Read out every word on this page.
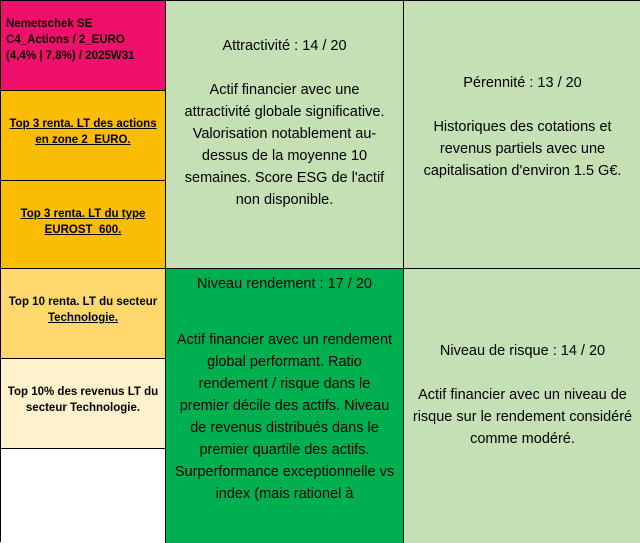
Nemetschek SE
C4_Actions / 2_EURO
(4,4% | 7,8%) / 2025W31
Top 3 renta. LT des actions
en zone 2_EURO.
Top 3 renta. LT du type
EUROST_600.
Top 10 renta. LT du secteur
Technologie.
Top 10% des revenus LT du
secteur Technologie.
Attractivité : 14 / 20
Actif financier avec une attractivité globale significative. Valorisation notablement au-dessus de la moyenne 10 semaines. Score ESG de l'actif non disponible.
Niveau rendement : 17 / 20
Actif financier avec un rendement global performant. Ratio rendement / risque dans le premier décile des actifs. Niveau de revenus distribués dans le premier quartile des actifs. Surperformance exceptionnelle vs index (mais rationel à
Pérennité : 13 / 20
Historiques des cotations et revenus partiels avec une capitalisation d'environ 1.5 G€.
Niveau de risque : 14 / 20
Actif financier avec un niveau de risque sur le rendement considéré comme modéré.
